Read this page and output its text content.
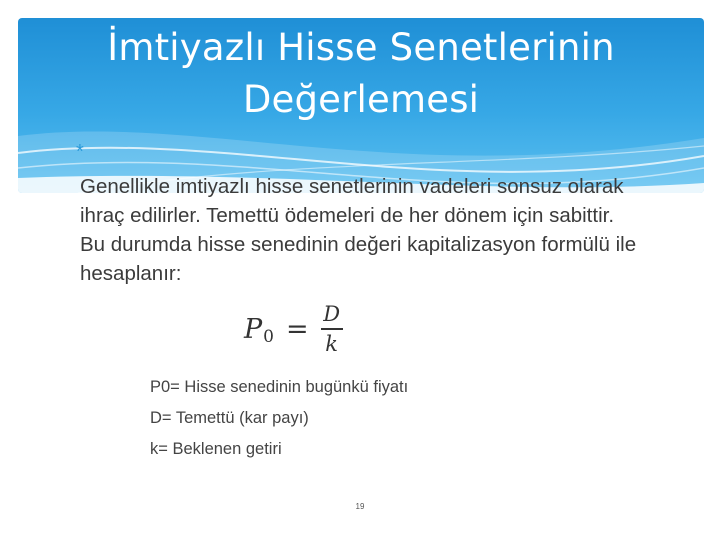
İmtiyazlı Hisse Senetlerinin
Değerlemesi
*
Genellikle imtiyazlı hisse senetlerinin vadeleri sonsuz olarak ihraç edilirler. Temettü ödemeleri de her dönem için sabittir. Bu durumda hisse senedinin değeri kapitalizasyon formülü ile hesaplanır:
P $0 = \frac{D}{k}$
P0= Hisse senedinin bugünkü fiyatı
D= Temettü (kar payı)
k= Beklenen getiri
19
